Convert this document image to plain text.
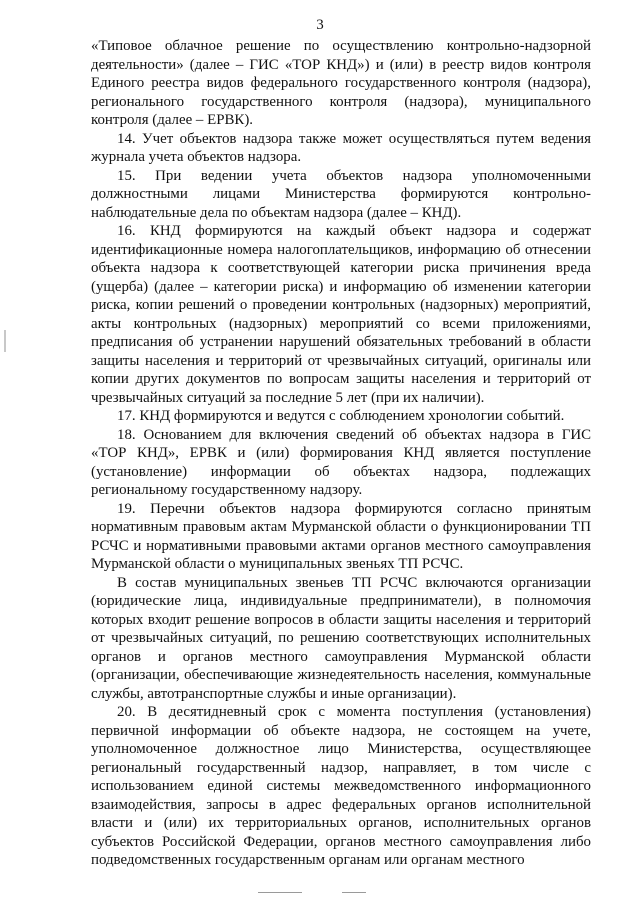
3

«Типовое облачное решение по осуществлению контрольно-надзорной деятельности» (далее – ГИС «ТОР КНД») и (или) в реестр видов контроля Единого реестра видов федерального государственного контроля (надзора), регионального государственного контроля (надзора), муниципального контроля (далее – ЕРВК).

14. Учет объектов надзора также может осуществляться путем ведения журнала учета объектов надзора.

15. При ведении учета объектов надзора уполномоченными должностными лицами Министерства формируются контрольно-наблюдательные дела по объектам надзора (далее – КНД).

16. КНД формируются на каждый объект надзора и содержат идентификационные номера налогоплательщиков, информацию об отнесении объекта надзора к соответствующей категории риска причинения вреда (ущерба) (далее – категории риска) и информацию об изменении категории риска, копии решений о проведении контрольных (надзорных) мероприятий, акты контрольных (надзорных) мероприятий со всеми приложениями, предписания об устранении нарушений обязательных требований в области защиты населения и территорий от чрезвычайных ситуаций, оригиналы или копии других документов по вопросам защиты населения и территорий от чрезвычайных ситуаций за последние 5 лет (при их наличии).

17. КНД формируются и ведутся с соблюдением хронологии событий.

18. Основанием для включения сведений об объектах надзора в ГИС «ТОР КНД», ЕРВК и (или) формирования КНД является поступление (установление) информации об объектах надзора, подлежащих региональному государственному надзору.

19. Перечни объектов надзора формируются согласно принятым нормативным правовым актам Мурманской области о функционировании ТП РСЧС и нормативными правовыми актами органов местного самоуправления Мурманской области о муниципальных звеньях ТП РСЧС.

В состав муниципальных звеньев ТП РСЧС включаются организации (юридические лица, индивидуальные предприниматели), в полномочия которых входит решение вопросов в области защиты населения и территорий от чрезвычайных ситуаций, по решению соответствующих исполнительных органов и органов местного самоуправления Мурманской области (организации, обеспечивающие жизнедеятельность населения, коммунальные службы, автотранспортные службы и иные организации).

20. В десятидневный срок с момента поступления (установления) первичной информации об объекте надзора, не состоящем на учете, уполномоченное должностное лицо Министерства, осуществляющее региональный государственный надзор, направляет, в том числе с использованием единой системы межведомственного информационного взаимодействия, запросы в адрес федеральных органов исполнительной власти и (или) их территориальных органов, исполнительных органов субъектов Российской Федерации, органов местного самоуправления либо подведомственных государственным органам или органам местного
